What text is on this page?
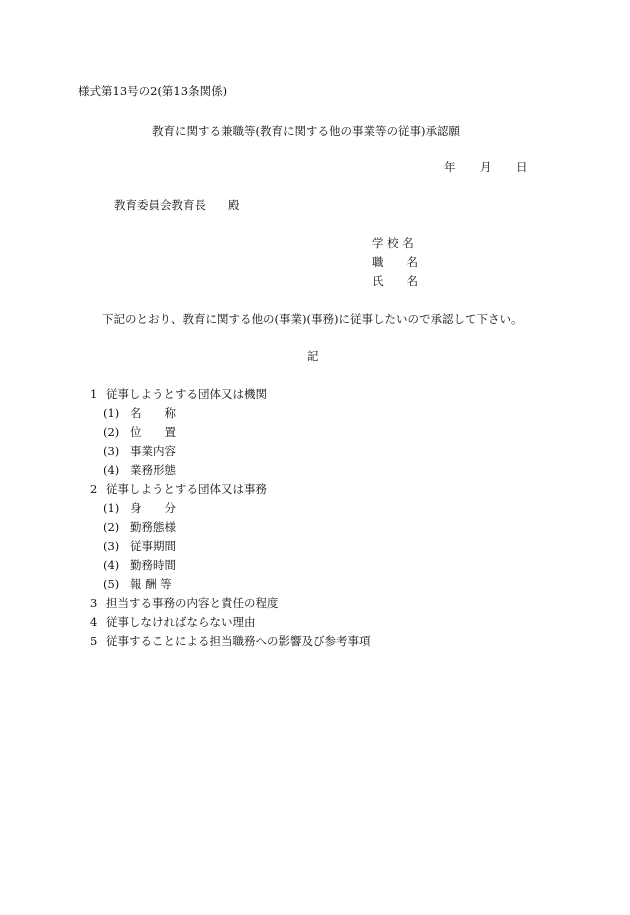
様式第13号の2(第13条関係)
教育に関する兼職等(教育に関する他の事業等の従事)承認願
年 月 日
教育委員会教育長 殿
学 校 名
職　　名
氏　　名
下記のとおり、教育に関する他の(事業)(事務)に従事したいので承認して下さい。
記
1 従事しようとする団体又は機関
(1) 名　　称
(2) 位　　置
(3) 事業内容
(4) 業務形態
2 従事しようとする団体又は事務
(1) 身　　分
(2) 勤務態様
(3) 従事期間
(4) 勤務時間
(5) 報 酬 等
3 担当する事務の内容と責任の程度
4 従事しなければならない理由
5 従事することによる担当職務への影響及び参考事項
